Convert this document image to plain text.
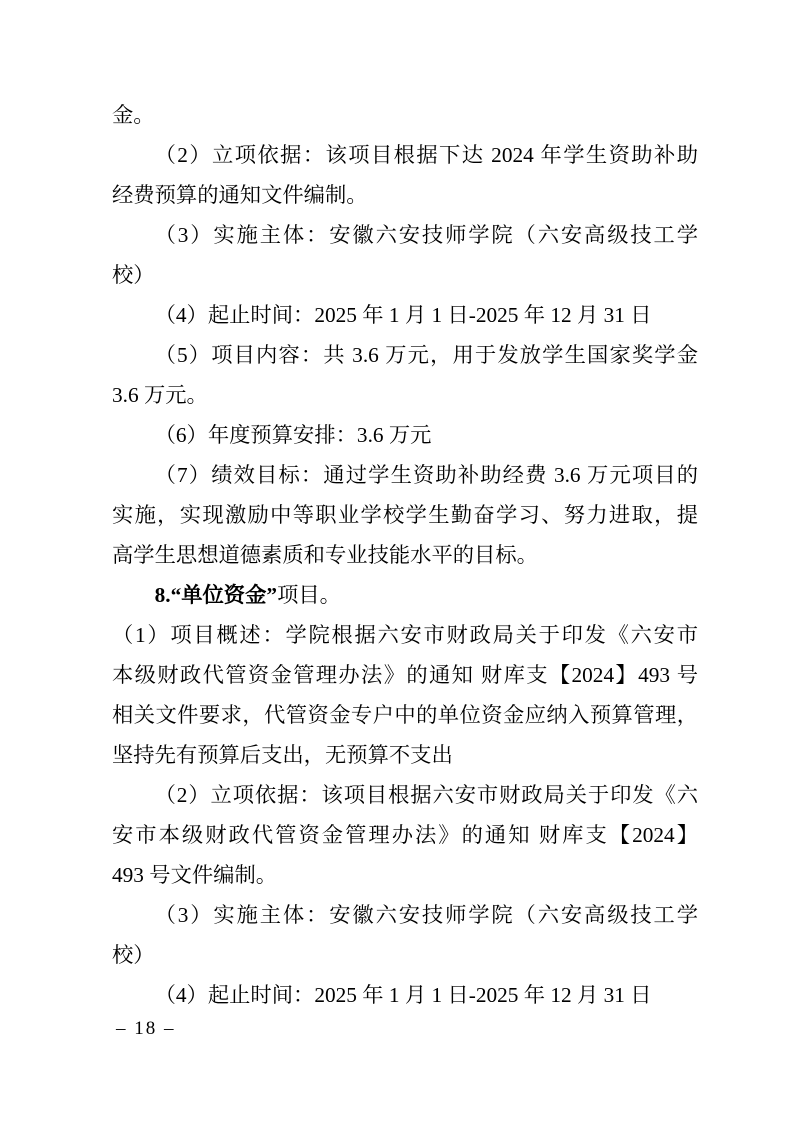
金。
（2）立项依据：该项目根据下达 2024 年学生资助补助
经费预算的通知文件编制。
（3）实施主体：安徽六安技师学院（六安高级技工学
校）
（4）起止时间：2025 年 1 月 1 日-2025 年 12 月 31 日
（5）项目内容：共 3.6 万元，用于发放学生国家奖学金
3.6 万元。
（6）年度预算安排：3.6 万元
（7）绩效目标：通过学生资助补助经费 3.6 万元项目的
实施，实现激励中等职业学校学生勤奋学习、努力进取，提
高学生思想道德素质和专业技能水平的目标。
8.“单位资金”项目。
（1）项目概述：学院根据六安市财政局关于印发《六安市
本级财政代管资金管理办法》的通知 财库支【2024】493 号
相关文件要求，代管资金专户中的单位资金应纳入预算管理，
坚持先有预算后支出，无预算不支出
（2）立项依据：该项目根据六安市财政局关于印发《六
安市本级财政代管资金管理办法》的通知 财库支【2024】
493 号文件编制。
（3）实施主体：安徽六安技师学院（六安高级技工学
校）
（4）起止时间：2025 年 1 月 1 日-2025 年 12 月 31 日
– 18 –
